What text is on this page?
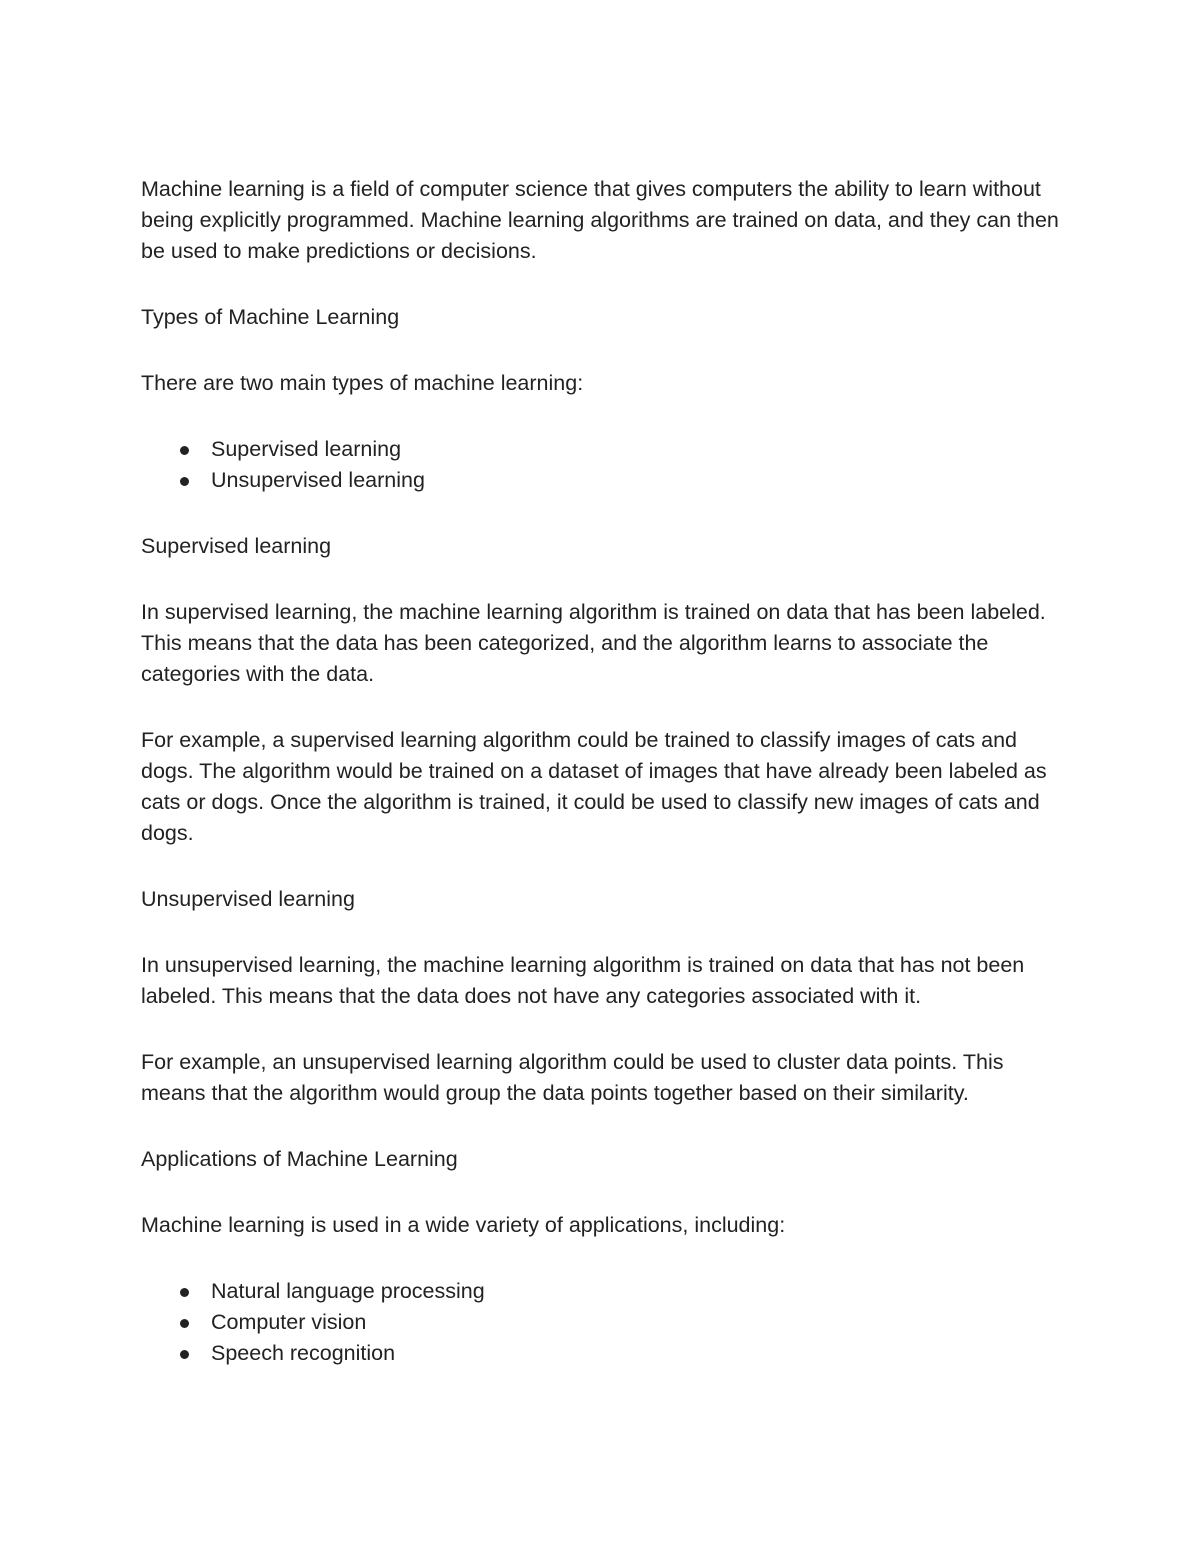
Machine learning is a field of computer science that gives computers the ability to learn without being explicitly programmed. Machine learning algorithms are trained on data, and they can then be used to make predictions or decisions.

Types of Machine Learning

There are two main types of machine learning:

Supervised learning
Unsupervised learning

Supervised learning

In supervised learning, the machine learning algorithm is trained on data that has been labeled. This means that the data has been categorized, and the algorithm learns to associate the categories with the data.

For example, a supervised learning algorithm could be trained to classify images of cats and dogs. The algorithm would be trained on a dataset of images that have already been labeled as cats or dogs. Once the algorithm is trained, it could be used to classify new images of cats and dogs.

Unsupervised learning

In unsupervised learning, the machine learning algorithm is trained on data that has not been labeled. This means that the data does not have any categories associated with it.

For example, an unsupervised learning algorithm could be used to cluster data points. This means that the algorithm would group the data points together based on their similarity.

Applications of Machine Learning

Machine learning is used in a wide variety of applications, including:

Natural language processing
Computer vision
Speech recognition
